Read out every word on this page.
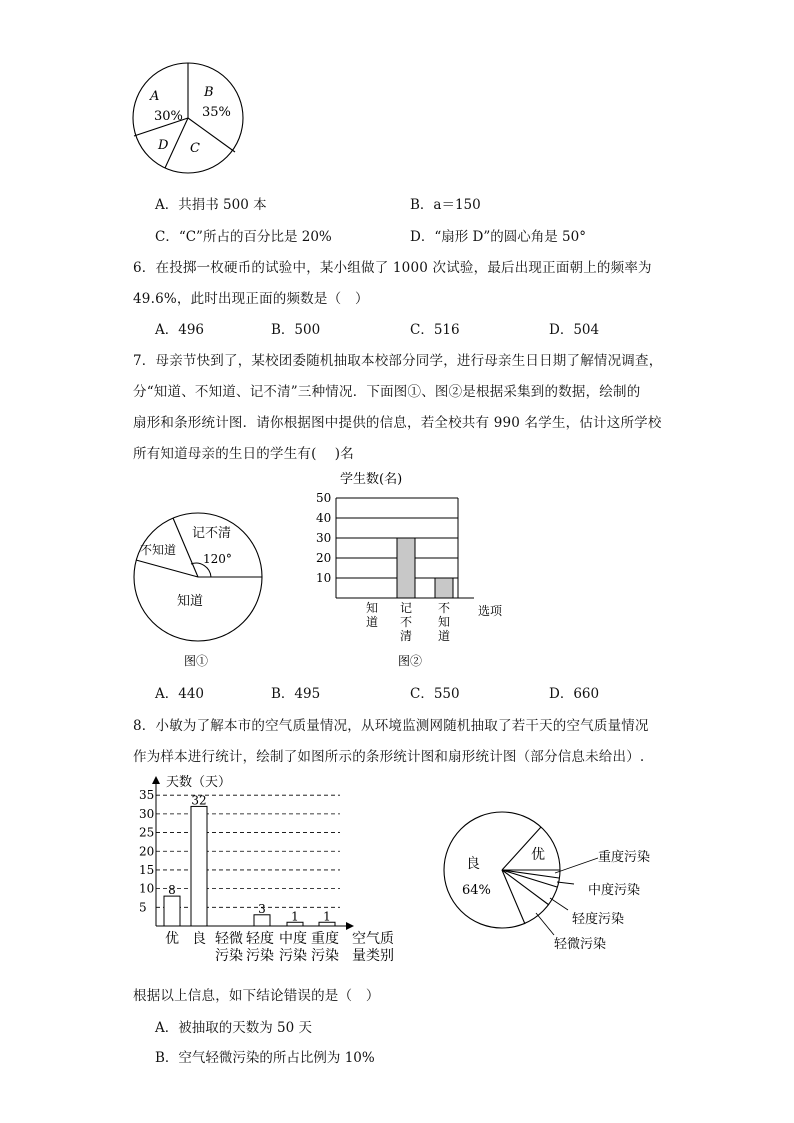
A
30%
B
35%
D C
A．共捐书 500 本	B．a＝150
C．“C”所占的百分比是 20%	D．“扇形 D”的圆心角是 50°
6．在投掷一枚硬币的试验中，某小组做了 1000 次试验，最后出现正面朝上的频率为
49.6%，此时出现正面的频数是（　）
A．496	B．500	C．516	D．504
7．母亲节快到了，某校团委随机抽取本校部分同学，进行母亲生日日期了解情况调查，
分“知道、不知道、记不清”三种情况．下面图①、图②是根据采集到的数据，绘制的
扇形和条形统计图．请你根据图中提供的信息，若全校共有 990 名学生，估计这所学校
所有知道母亲的生日的学生有(　 )名
记不清
不知道
120°
知道
图①
学生数(名)
10
20
30
40
50
知
道
记
不
清
不
知
道
选项
图②
A．440	B．495	C．550	D．660
8．小敏为了解本市的空气质量情况，从环境监测网随机抽取了若干天的空气质量情况
作为样本进行统计，绘制了如图所示的条形统计图和扇形统计图（部分信息未给出）.
天数（天）
5
10
15
20
25
30
35
8
优
32
良 轻微
污染
3
轻度
污染
1
中度
污染
1
重度
污染
空气质
量类别
良
64%
优	重度污染
中度污染
轻度污染
轻微污染
根据以上信息，如下结论错误的是（　）
A．被抽取的天数为 50 天
B．空气轻微污染的所占比例为 10%
